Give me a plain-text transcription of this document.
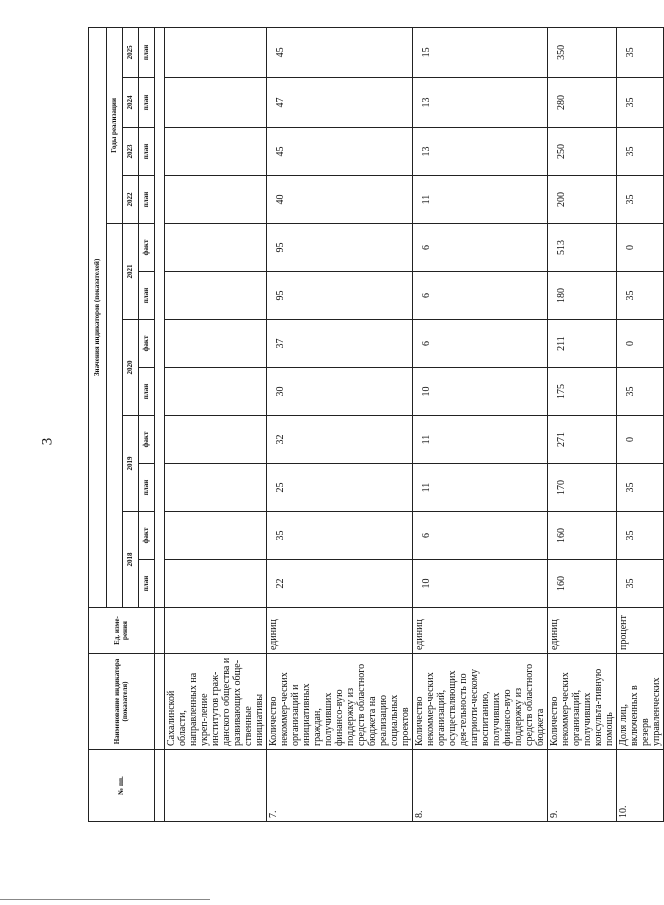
3
№ пп.	Наименование индикатора (показателя)	Ед. изме-рения	Значения индикаторов (показателей)											
											Годы реализации			
			2018		2019		2020		2021		2022	2023	2024	2025
			план	факт	план	факт	план	факт	план	факт	план	план	план	план

	Сахалинской области, направленных на укреп-ление институтов граж-данского общества и развивающих обще-ственные инициативы													
7.	Количество некоммер-ческих организаций и инициативных граждан, получивших финансо-вую поддержку из средств областного бюджета на реализацию социальных проектов	единиц	22	35	25	32	30	37	95	95	40	45	47	45
8.	Количество некоммер-ческих организаций, осуществляющих дея-тельность по патриоти-ческому воспитанию, получивших финансо-вую поддержку из средств областного бюджета	единиц	10	6	11	11	10	6	6	6	11	13	13	15
9.	Количество некоммер-ческих организаций, получивших консульта-тивную помощь	единиц	160	160	170	271	175	211	180	513	200	250	280	350
10.	Доля лиц, включенных в резерв управленческих	процент	35	35	35	0	35	0	35	0	35	35	35	35
